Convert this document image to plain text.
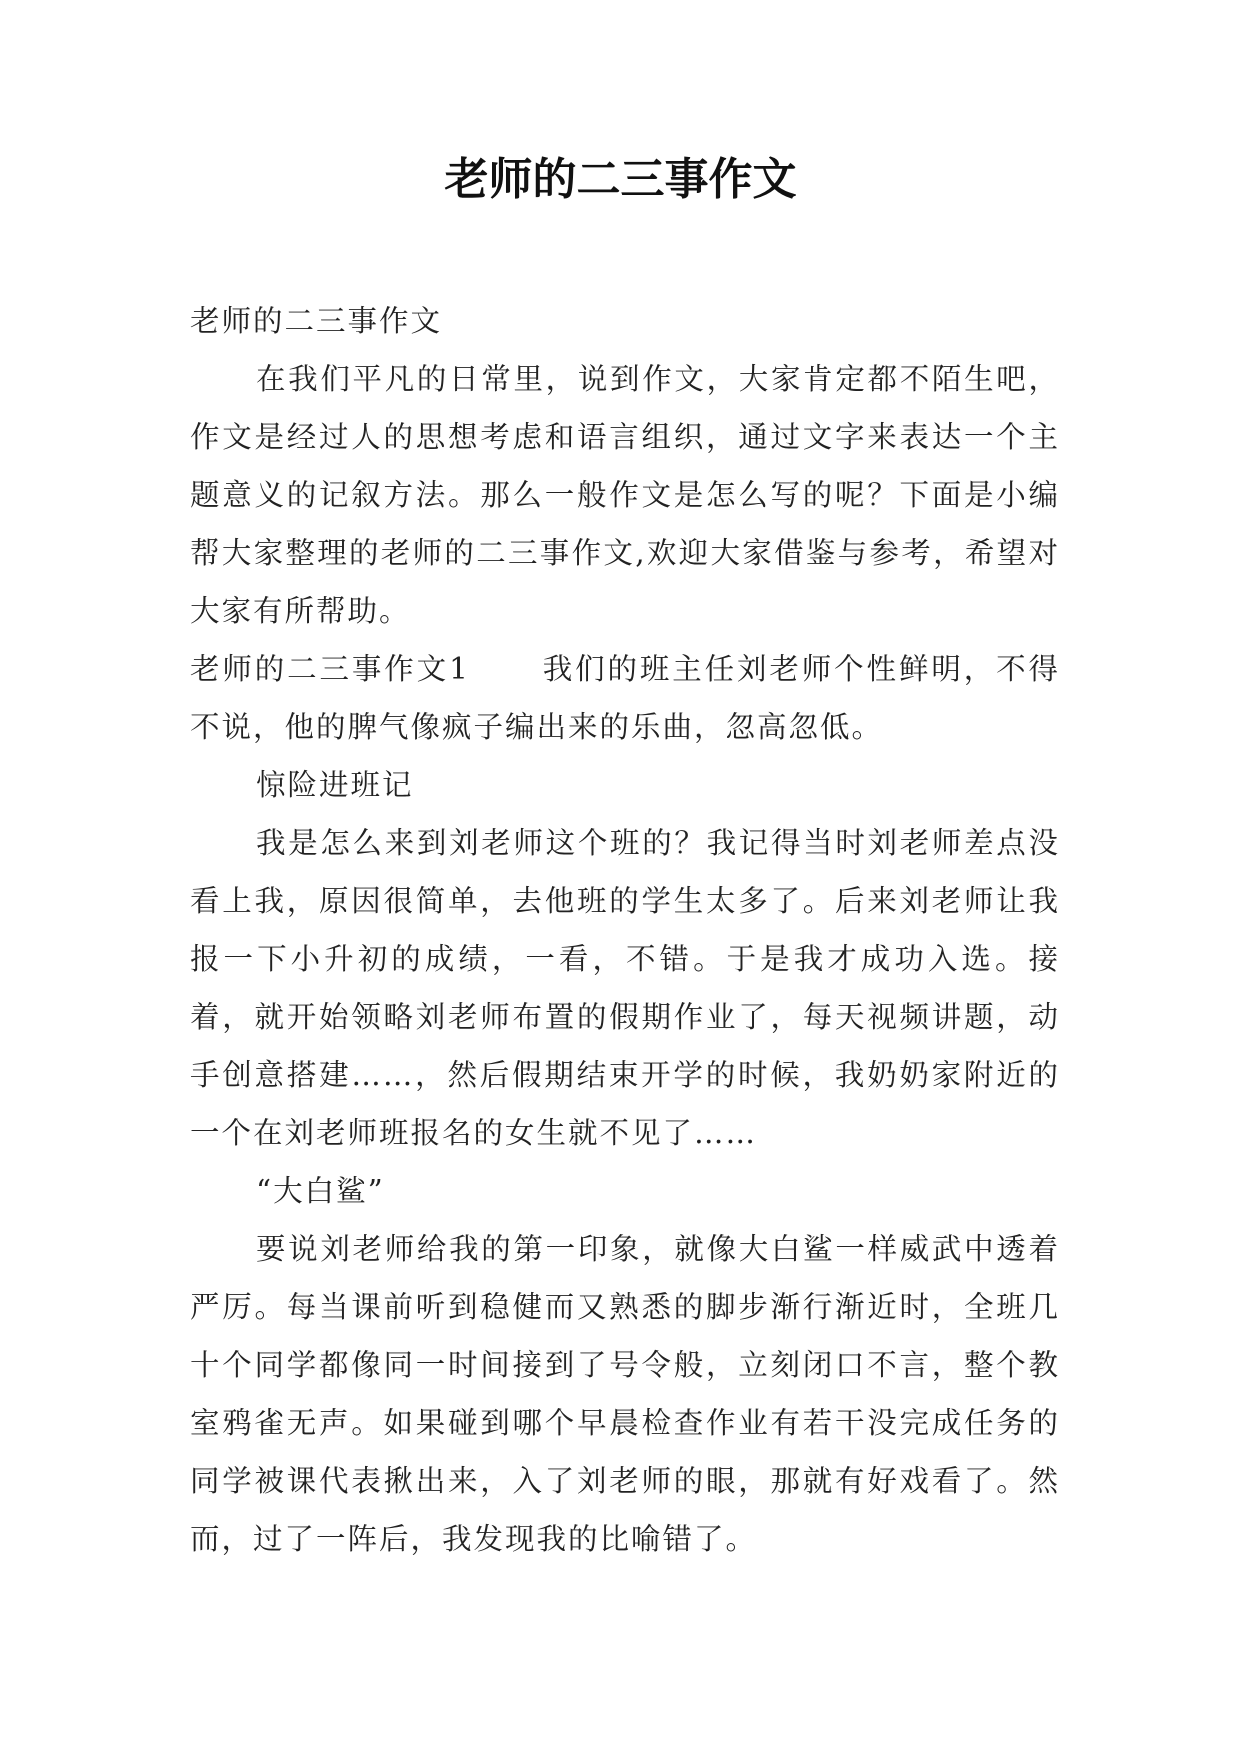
老师的二三事作文

老师的二三事作文

在我们平凡的日常里，说到作文，大家肯定都不陌生吧，作文是经过人的思想考虑和语言组织，通过文字来表达一个主题意义的记叙方法。那么一般作文是怎么写的呢？下面是小编帮大家整理的老师的二三事作文,欢迎大家借鉴与参考，希望对大家有所帮助。

老师的二三事作文1 我们的班主任刘老师个性鲜明，不得不说，他的脾气像疯子编出来的乐曲，忽高忽低。

惊险进班记

我是怎么来到刘老师这个班的？我记得当时刘老师差点没看上我，原因很简单，去他班的学生太多了。后来刘老师让我报一下小升初的成绩，一看，不错。于是我才成功入选。接着，就开始领略刘老师布置的假期作业了，每天视频讲题，动手创意搭建……，然后假期结束开学的时候，我奶奶家附近的一个在刘老师班报名的女生就不见了……

“大白鲨”

要说刘老师给我的第一印象，就像大白鲨一样威武中透着严厉。每当课前听到稳健而又熟悉的脚步渐行渐近时，全班几十个同学都像同一时间接到了号令般，立刻闭口不言，整个教室鸦雀无声。如果碰到哪个早晨检查作业有若干没完成任务的同学被课代表揪出来，入了刘老师的眼，那就有好戏看了。然而，过了一阵后，我发现我的比喻错了。
